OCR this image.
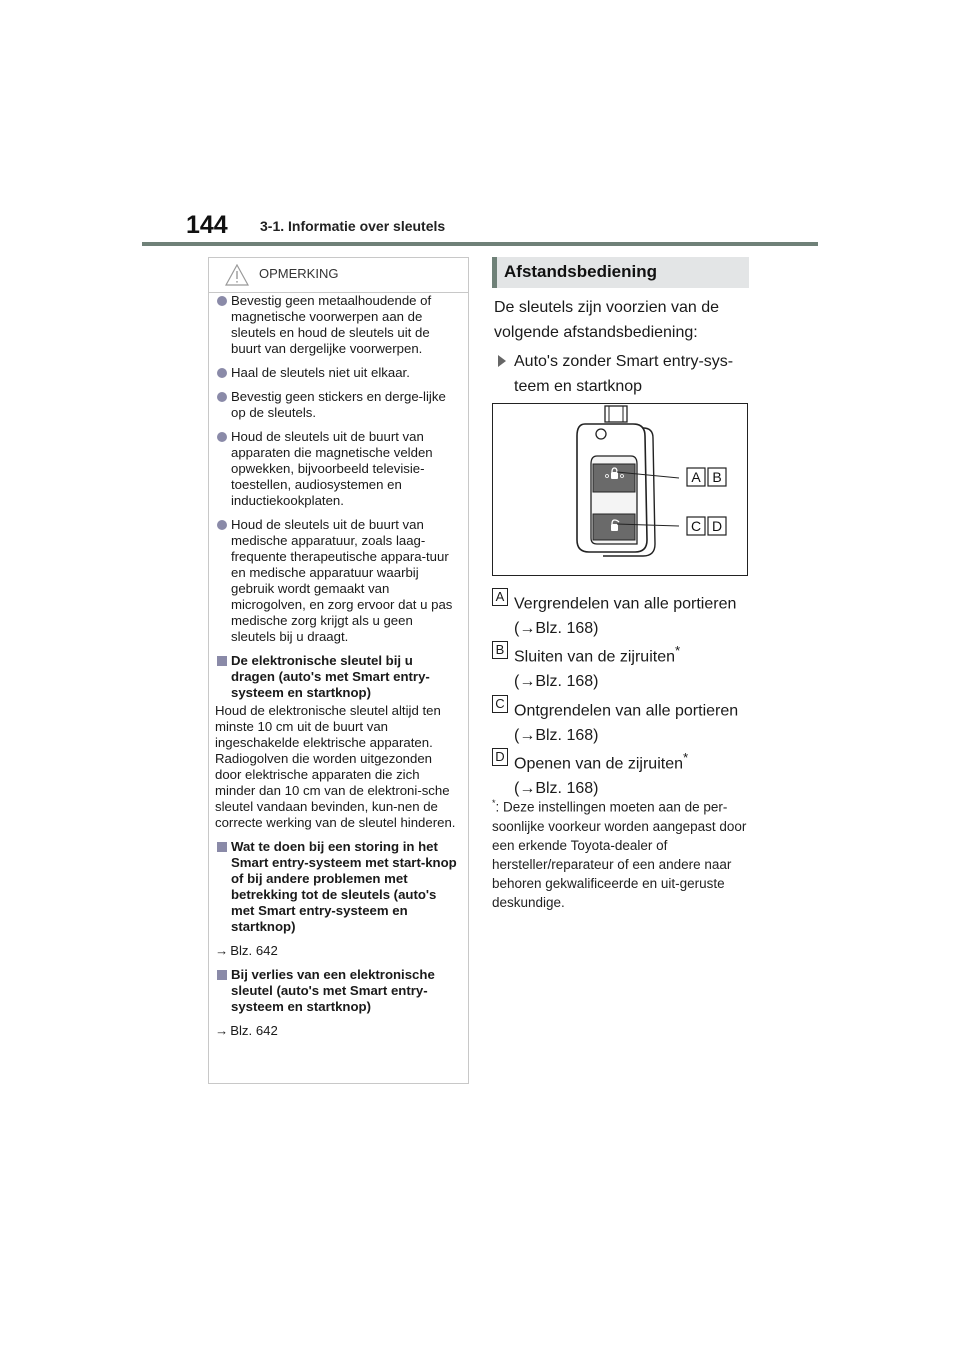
144 3-1. Informatie over sleutels
OPMERKING
Bevestig geen metaalhoudende of magnetische voorwerpen aan de sleutels en houd de sleutels uit de buurt van dergelijke voorwerpen.
Haal de sleutels niet uit elkaar.
Bevestig geen stickers en derge-lijke op de sleutels.
Houd de sleutels uit de buurt van apparaten die magnetische velden opwekken, bijvoorbeeld televisie-toestellen, audiosystemen en inductiekookplaten.
Houd de sleutels uit de buurt van medische apparatuur, zoals laag-frequente therapeutische appara-tuur en medische apparatuur waarbij gebruik wordt gemaakt van microgolven, en zorg ervoor dat u pas medische zorg krijgt als u geen sleutels bij u draagt.
De elektronische sleutel bij u dragen (auto's met Smart entry-systeem en startknop)
Houd de elektronische sleutel altijd ten minste 10 cm uit de buurt van ingeschakelde elektrische apparaten. Radiogolven die worden uitgezonden door elektrische apparaten die zich minder dan 10 cm van de elektroni-sche sleutel vandaan bevinden, kun-nen de correcte werking van de sleutel hinderen.
Wat te doen bij een storing in het Smart entry-systeem met start-knop of bij andere problemen met betrekking tot de sleutels (auto's met Smart entry-systeem en startknop)
→ Blz. 642
Bij verlies van een elektronische sleutel (auto's met Smart entry-systeem en startknop)
→ Blz. 642
Afstandsbediening
De sleutels zijn voorzien van de volgende afstandsbediening:
Auto's zonder Smart entry-sys-teem en startknop
A B
C D
A Vergrendelen van alle portieren
(→Blz. 168)
B Sluiten van de zijruiten*
(→Blz. 168)
C Ontgrendelen van alle portieren
(→Blz. 168)
D Openen van de zijruiten*
(→Blz. 168)
*: Deze instellingen moeten aan de per-soonlijke voorkeur worden aangepast door een erkende Toyota-dealer of hersteller/reparateur of een andere naar behoren gekwalificeerde en uit-geruste deskundige.
